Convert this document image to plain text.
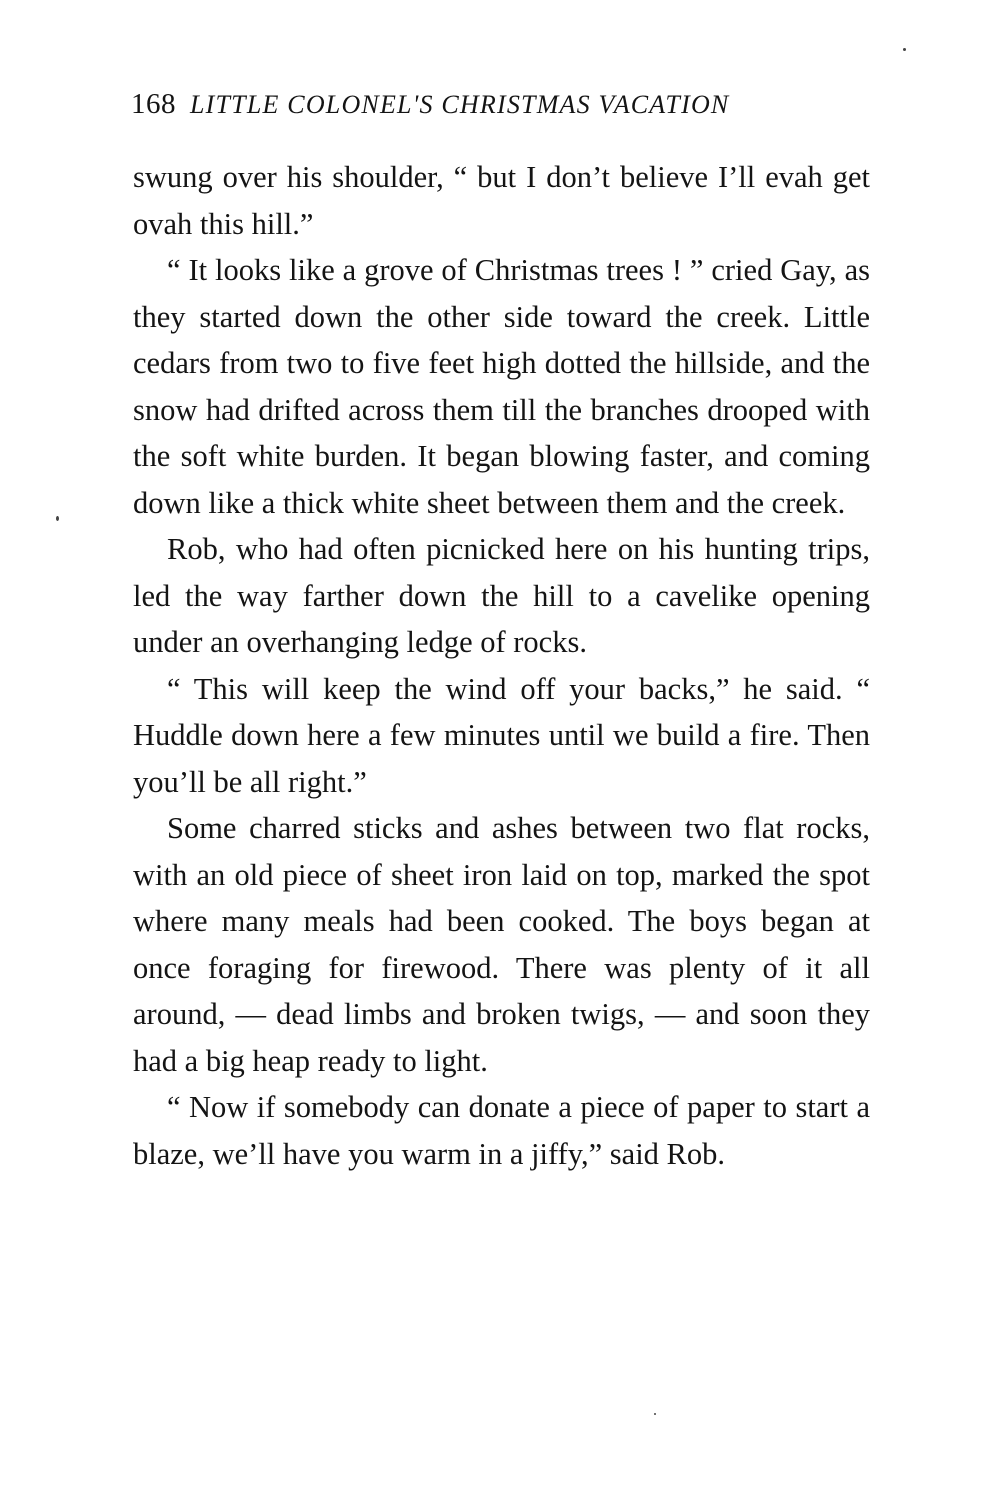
168 LITTLE COLONEL'S CHRISTMAS VACATION

swung over his shoulder, “ but I don’t believe I’ll evah get ovah this hill.”

“ It looks like a grove of Christmas trees ! ” cried Gay, as they started down the other side toward the creek. Little cedars from two to five feet high dotted the hillside, and the snow had drifted across them till the branches drooped with the soft white burden. It began blowing faster, and coming down like a thick white sheet between them and the creek.

Rob, who had often picnicked here on his hunting trips, led the way farther down the hill to a cavelike opening under an overhanging ledge of rocks.

“ This will keep the wind off your backs,” he said. “ Huddle down here a few minutes until we build a fire. Then you’ll be all right.”

Some charred sticks and ashes between two flat rocks, with an old piece of sheet iron laid on top, marked the spot where many meals had been cooked. The boys began at once foraging for firewood. There was plenty of it all around, — dead limbs and broken twigs, — and soon they had a big heap ready to light.

“ Now if somebody can donate a piece of paper to start a blaze, we’ll have you warm in a jiffy,” said Rob.
